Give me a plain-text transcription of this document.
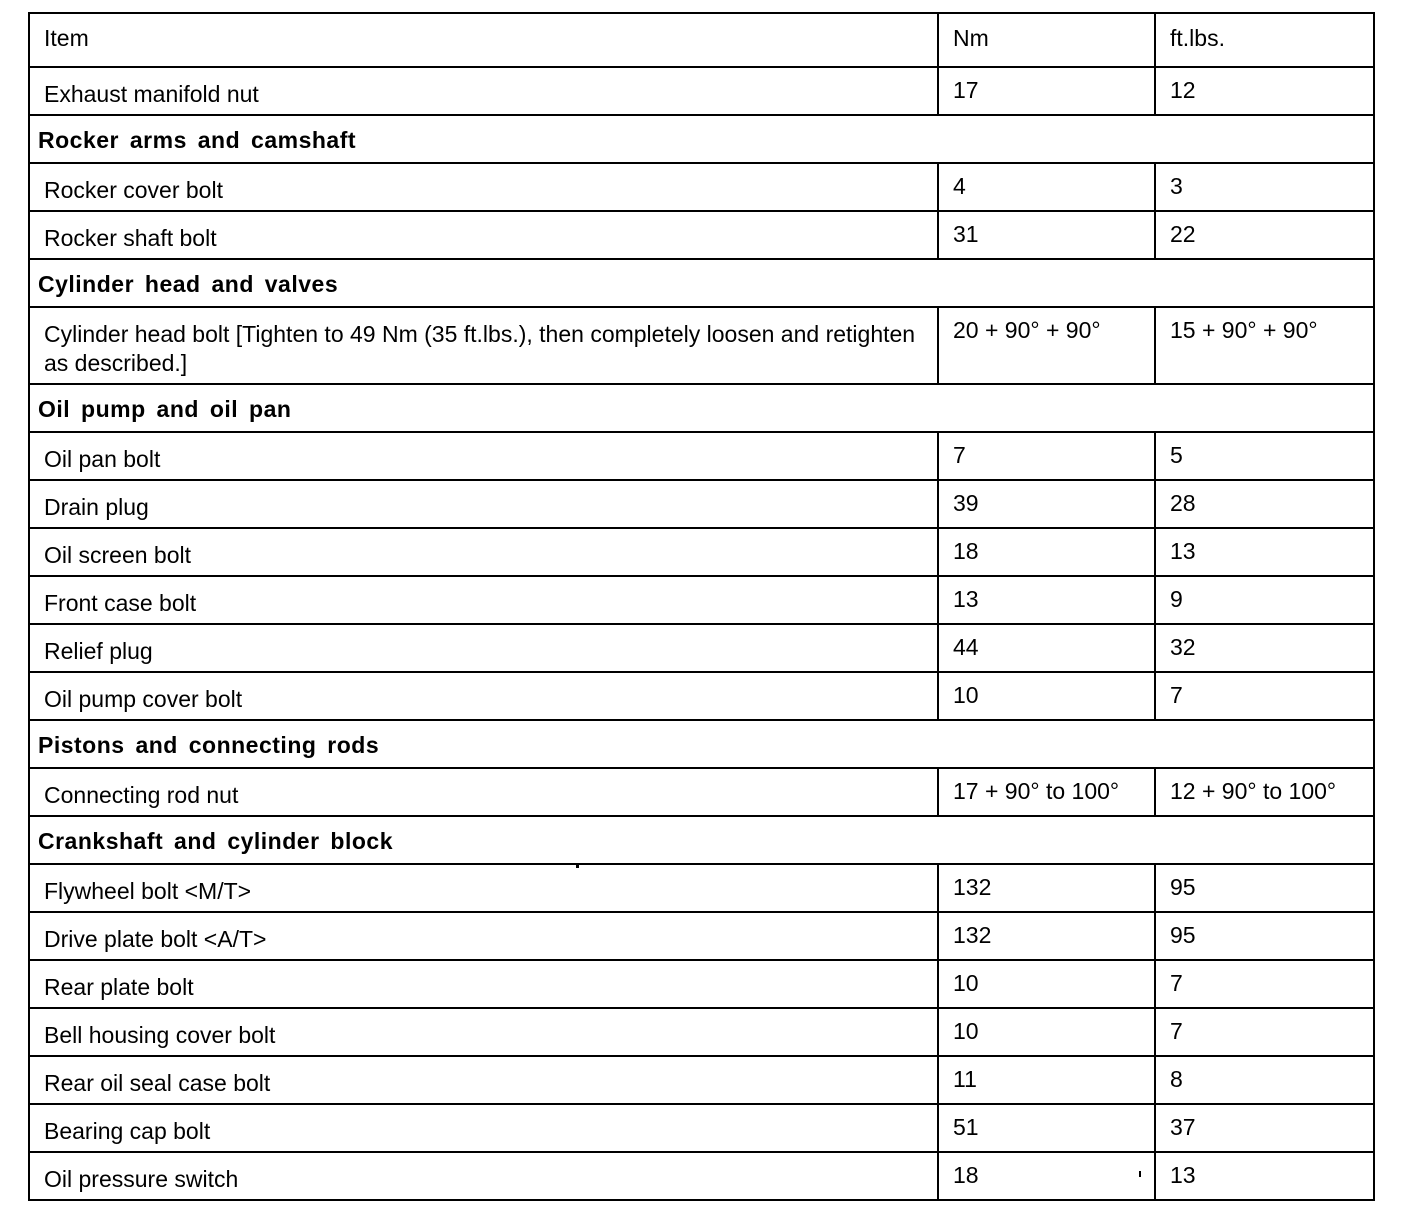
Item	Nm	ft.lbs.
Exhaust manifold nut	17	12
Rocker arms and camshaft		
Rocker cover bolt	4	3
Rocker shaft bolt	31	22
Cylinder head and valves		
Cylinder head bolt [Tighten to 49 Nm (35 ft.lbs.), then completely loosen and retighten as described.]	20 + 90° + 90°	15 + 90° + 90°
Oil pump and oil pan		
Oil pan bolt	7	5
Drain plug	39	28
Oil screen bolt	18	13
Front case bolt	13	9
Relief plug	44	32
Oil pump cover bolt	10	7
Pistons and connecting rods		
Connecting rod nut	17 + 90° to 100°	12 + 90° to 100°
Crankshaft and cylinder block		
Flywheel bolt <M/T>	132	95
Drive plate bolt <A/T>	132	95
Rear plate bolt	10	7
Bell housing cover bolt	10	7
Rear oil seal case bolt	11	8
Bearing cap bolt	51	37
Oil pressure switch	18	13
